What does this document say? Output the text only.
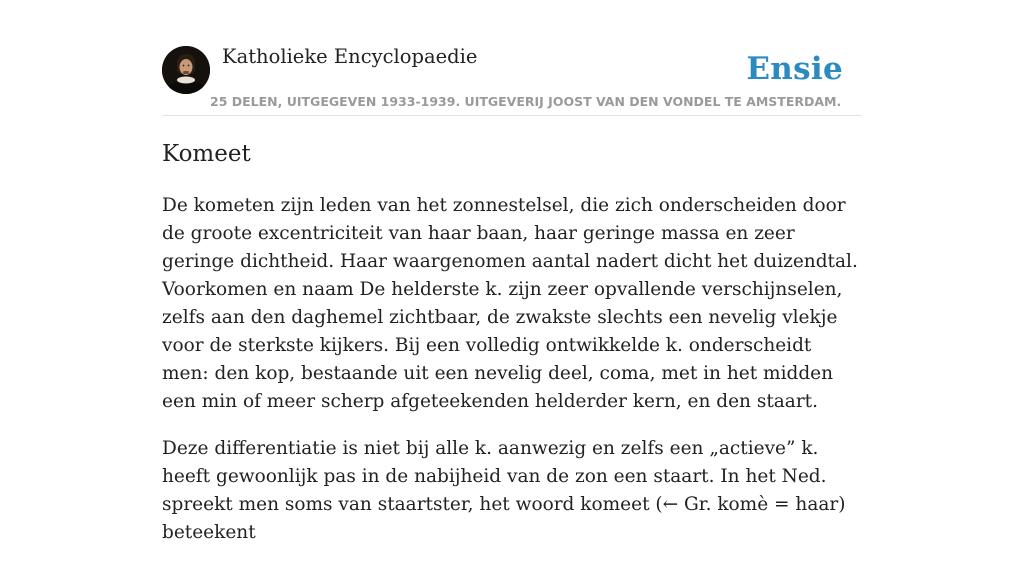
Katholieke Encyclopaedie	Ensie
25 DELEN, UITGEGEVEN 1933-1939. UITGEVERIJ JOOST VAN DEN VONDEL TE AMSTERDAM.
Komeet

De kometen zijn leden van het zonnestelsel, die zich onderscheiden door de groote excentriciteit van haar baan, haar geringe massa en zeer geringe dichtheid. Haar waargenomen aantal nadert dicht het duizendtal. Voorkomen en naam De helderste k. zijn zeer opvallende verschijnselen, zelfs aan den daghemel zichtbaar, de zwakste slechts een nevelig vlekje voor de sterkste kijkers. Bij een volledig ontwikkelde k. onderscheidt men: den kop, bestaande uit een nevelig deel, coma, met in het midden een min of meer scherp afgeteekenden helderder kern, en den staart.

Deze differentiatie is niet bij alle k. aanwezig en zelfs een „actieve” k. heeft gewoonlijk pas in de nabijheid van de zon een staart. In het Ned. spreekt men soms van staartster, het woord komeet (← Gr. komè = haar) beteekent
